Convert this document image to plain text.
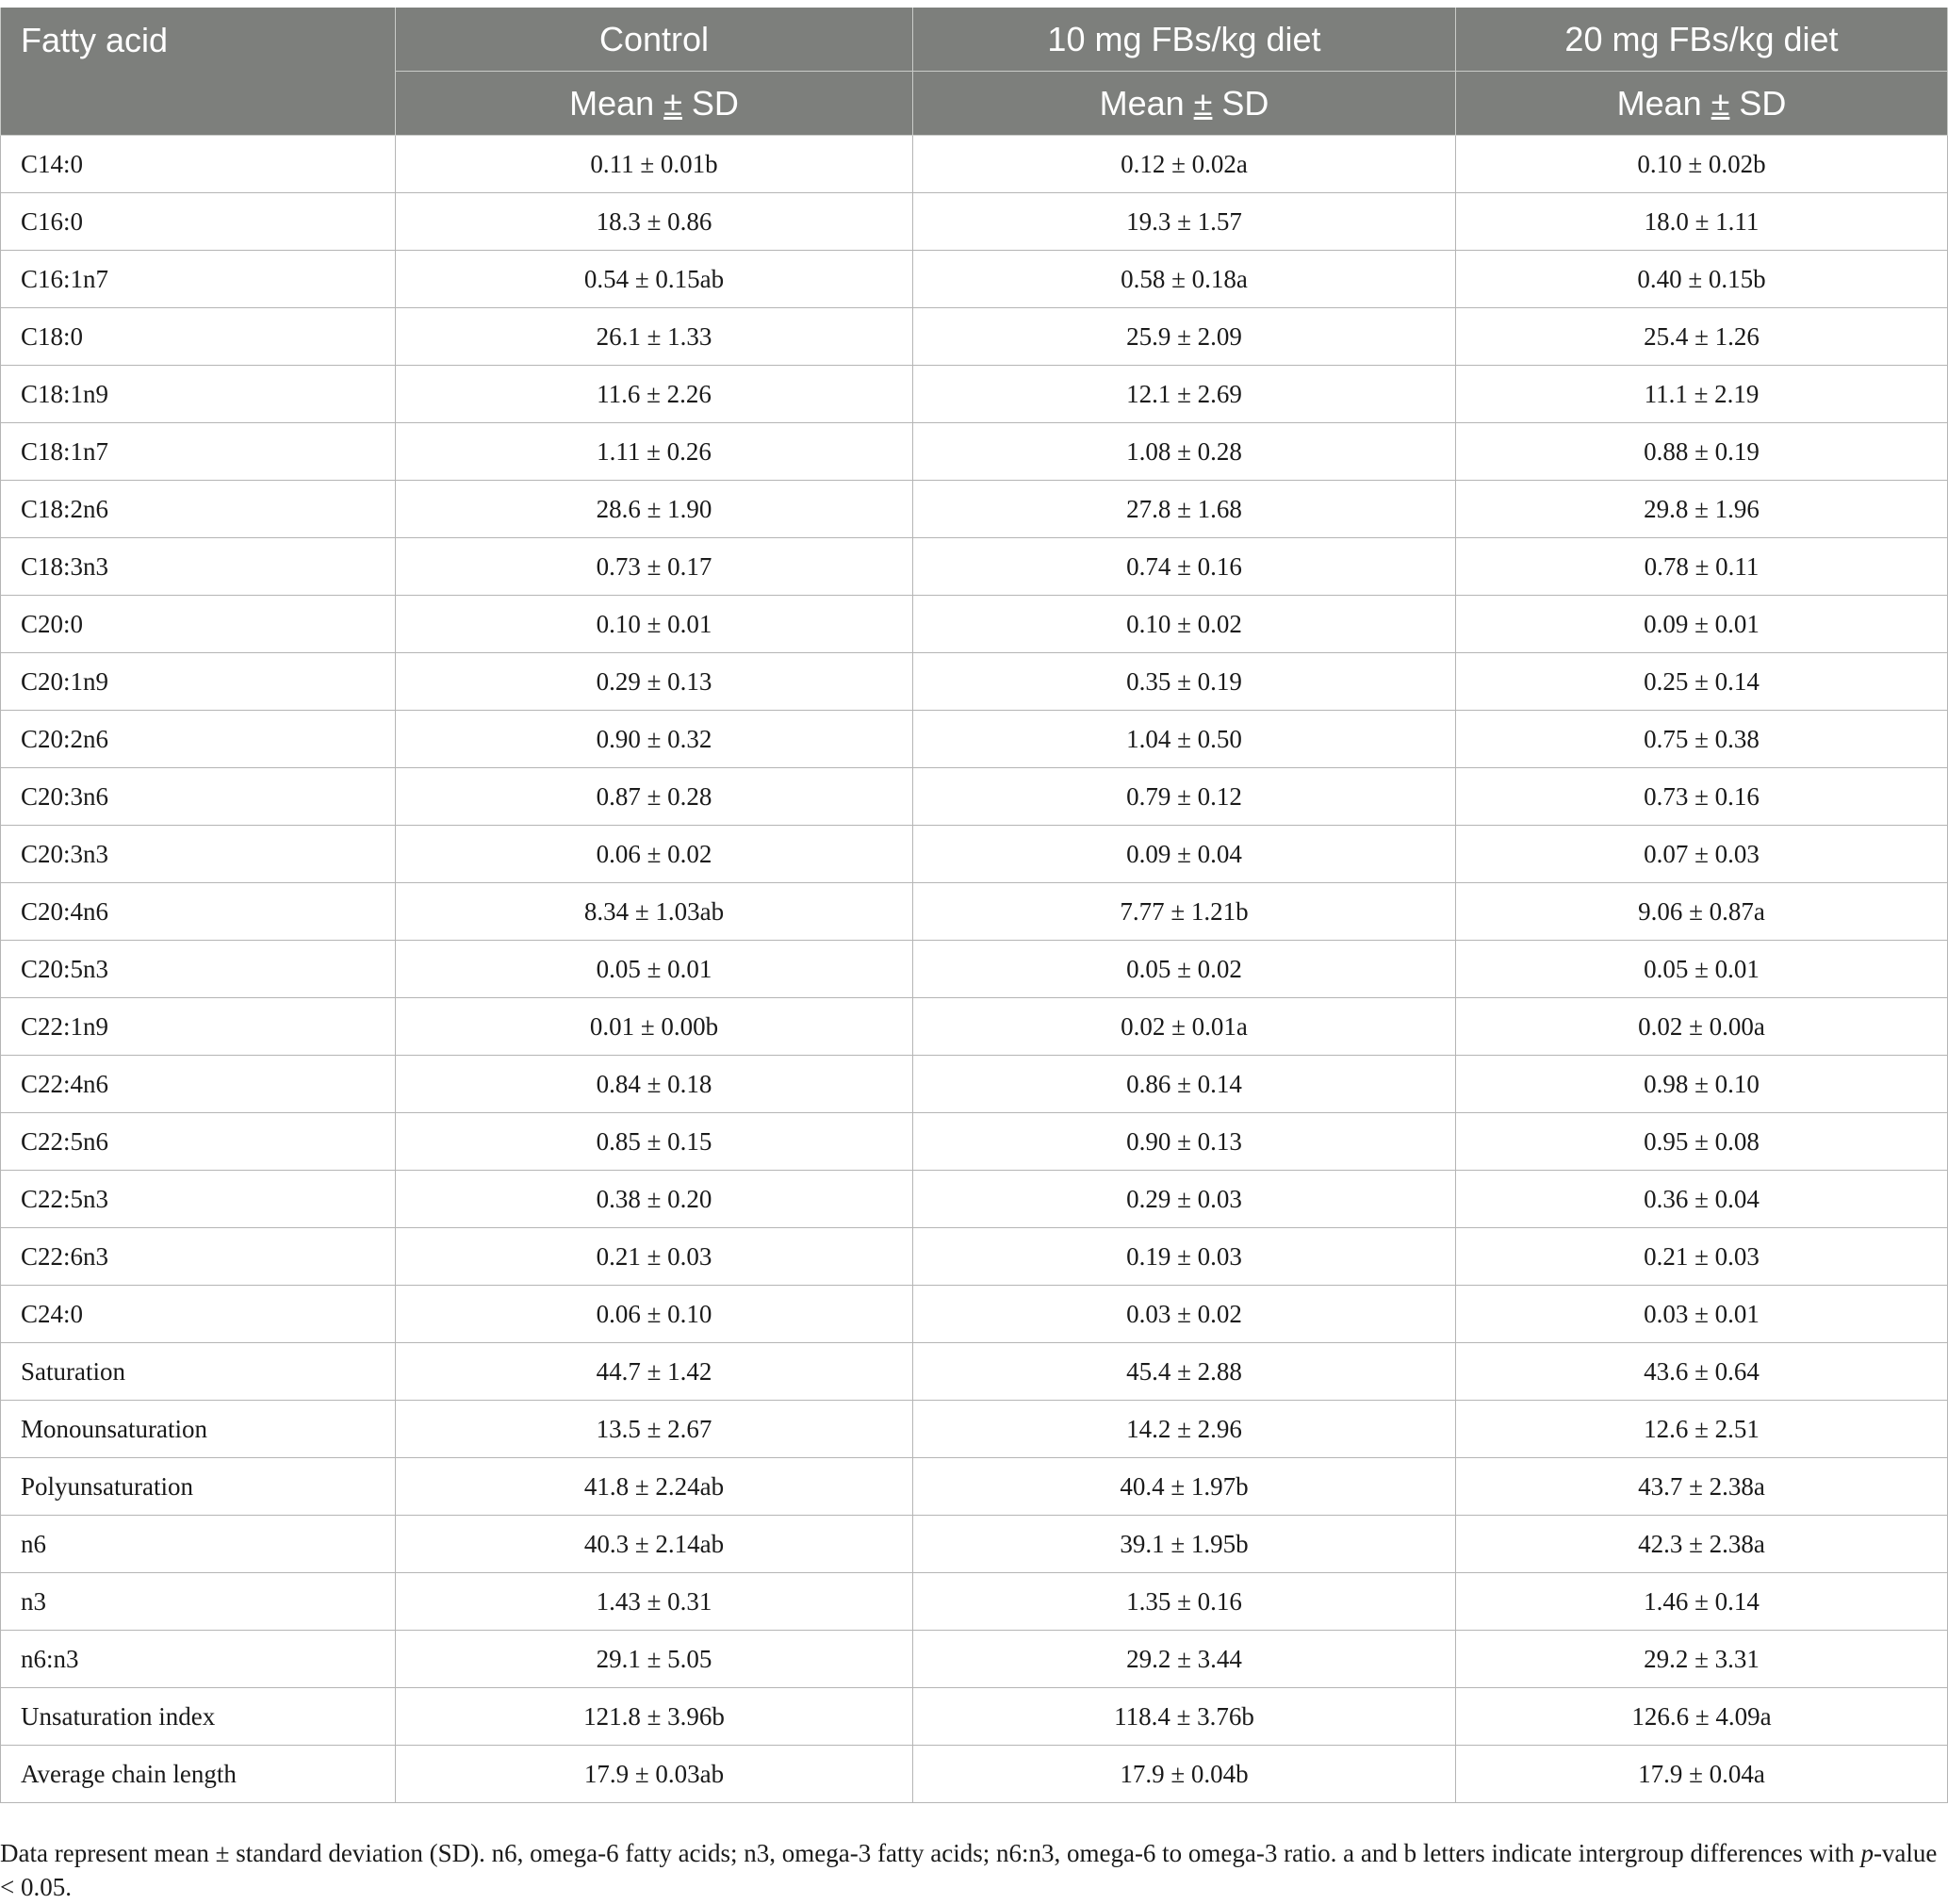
Fatty acid	Control	10 mg FBs/kg diet	20 mg FBs/kg diet
	Mean ± SD	Mean ± SD	Mean ± SD
C14:0	0.11 ± 0.01b	0.12 ± 0.02a	0.10 ± 0.02b
C16:0	18.3 ± 0.86	19.3 ± 1.57	18.0 ± 1.11
C16:1n7	0.54 ± 0.15ab	0.58 ± 0.18a	0.40 ± 0.15b
C18:0	26.1 ± 1.33	25.9 ± 2.09	25.4 ± 1.26
C18:1n9	11.6 ± 2.26	12.1 ± 2.69	11.1 ± 2.19
C18:1n7	1.11 ± 0.26	1.08 ± 0.28	0.88 ± 0.19
C18:2n6	28.6 ± 1.90	27.8 ± 1.68	29.8 ± 1.96
C18:3n3	0.73 ± 0.17	0.74 ± 0.16	0.78 ± 0.11
C20:0	0.10 ± 0.01	0.10 ± 0.02	0.09 ± 0.01
C20:1n9	0.29 ± 0.13	0.35 ± 0.19	0.25 ± 0.14
C20:2n6	0.90 ± 0.32	1.04 ± 0.50	0.75 ± 0.38
C20:3n6	0.87 ± 0.28	0.79 ± 0.12	0.73 ± 0.16
C20:3n3	0.06 ± 0.02	0.09 ± 0.04	0.07 ± 0.03
C20:4n6	8.34 ± 1.03ab	7.77 ± 1.21b	9.06 ± 0.87a
C20:5n3	0.05 ± 0.01	0.05 ± 0.02	0.05 ± 0.01
C22:1n9	0.01 ± 0.00b	0.02 ± 0.01a	0.02 ± 0.00a
C22:4n6	0.84 ± 0.18	0.86 ± 0.14	0.98 ± 0.10
C22:5n6	0.85 ± 0.15	0.90 ± 0.13	0.95 ± 0.08
C22:5n3	0.38 ± 0.20	0.29 ± 0.03	0.36 ± 0.04
C22:6n3	0.21 ± 0.03	0.19 ± 0.03	0.21 ± 0.03
C24:0	0.06 ± 0.10	0.03 ± 0.02	0.03 ± 0.01
Saturation	44.7 ± 1.42	45.4 ± 2.88	43.6 ± 0.64
Monounsaturation	13.5 ± 2.67	14.2 ± 2.96	12.6 ± 2.51
Polyunsaturation	41.8 ± 2.24ab	40.4 ± 1.97b	43.7 ± 2.38a
n6	40.3 ± 2.14ab	39.1 ± 1.95b	42.3 ± 2.38a
n3	1.43 ± 0.31	1.35 ± 0.16	1.46 ± 0.14
n6:n3	29.1 ± 5.05	29.2 ± 3.44	29.2 ± 3.31
Unsaturation index	121.8 ± 3.96b	118.4 ± 3.76b	126.6 ± 4.09a
Average chain length	17.9 ± 0.03ab	17.9 ± 0.04b	17.9 ± 0.04a
Data represent mean ± standard deviation (SD). n6, omega-6 fatty acids; n3, omega-3 fatty acids; n6:n3, omega-6 to omega-3 ratio. a and b letters indicate intergroup differences with p-value < 0.05.
